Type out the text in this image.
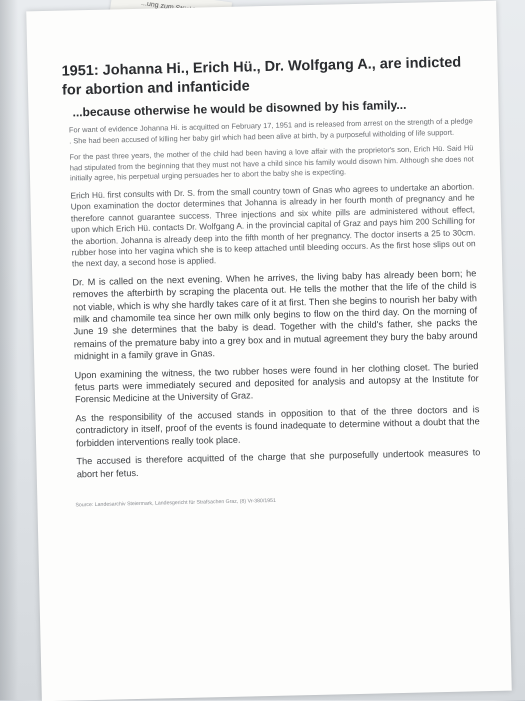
1951: Johanna Hi., Erich Hü., Dr. Wolfgang A., are indicted for abortion and infanticide
...because otherwise he would be disowned by his family...

For want of evidence Johanna Hi. is acquitted on February 17, 1951 and is released from arrest on the strength of a pledge . She had been accused of killing her baby girl which had been alive at birth, by a purposeful witholding of life support.

For the past three years, the mother of the child had been having a love affair with the proprietor's son, Erich Hü. Said Hü had stipulated from the beginning that they must not have a child since his family would disown him. Although she does not initially agree, his perpetual urging persuades her to abort the baby she is expecting.

Erich Hü. first consults with Dr. S. from the small country town of Gnas who agrees to undertake an abortion. Upon examination the doctor determines that Johanna is already in her fourth month of pregnancy and he therefore cannot guarantee success. Three injections and six white pills are administered without effect, upon which Erich Hü. contacts Dr. Wolfgang A. in the provincial capital of Graz and pays him 200 Schilling for the abortion. Johanna is already deep into the fifth month of her pregnancy. The doctor inserts a 25 to 30cm. rubber hose into her vagina which she is to keep attached until bleeding occurs. As the first hose slips out on the next day, a second hose is applied.

Dr. M is called on the next evening. When he arrives, the living baby has already been born; he removes the afterbirth by scraping the placenta out. He tells the mother that the life of the child is not viable, which is why she hardly takes care of it at first. Then she begins to nourish her baby with milk and chamomile tea since her own milk only begins to flow on the third day. On the morning of June 19 she determines that the baby is dead. Together with the child's father, she packs the remains of the premature baby into a grey box and in mutual agreement they bury the baby around midnight in a family grave in Gnas.

Upon examining the witness, the two rubber hoses were found in her clothing closet. The buried fetus parts were immediately secured and deposited for analysis and autopsy at the Institute for Forensic Medicine at the University of Graz.

As the responsibility of the accused stands in opposition to that of the three doctors and is contradictory in itself, proof of the events is found inadequate to determine without a doubt that the forbidden interventions really took place.

The accused is therefore acquitted of the charge that she purposefully undertook measures to abort her fetus.

Source: Landesarchiv Steiermark, Landesgericht für Strafsachen Graz, (8) Vr-380/1951
